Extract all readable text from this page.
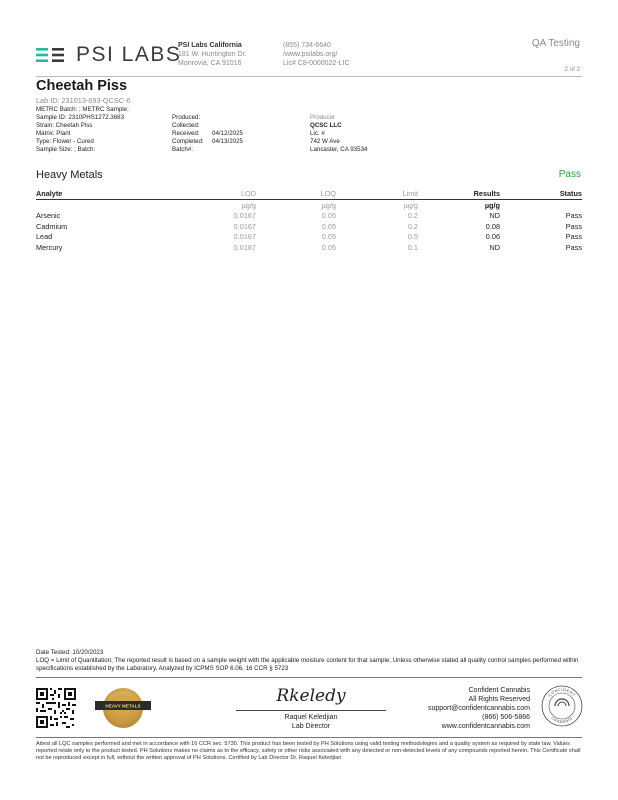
PSI LABS
PSI Labs California
181 W. Huntington Dr.
Monrovia, CA 91016
(855) 734-6640
/www.psilabs.org/
Lic# C8-0000022-LIC
QA Testing
2 of 2
Cheetah Piss
Lab ID: 231013-693-QCSC-6
METRC Batch: ; METRC Sample:
Sample ID: 2310PHS1272.3683
Strain: Cheetah Piss
Matrix: Plant
Type: Flower - Cured
Sample Size: ; Batch:
Produced:
Collected:
Received: 04/12/2025
Completed: 04/13/2025
Batch#:
Producer
QCSC LLC
Lic. #
742 W Ave
Lancaster, CA 93534
Heavy Metals	Pass
Analyte	LOD	LOQ	Limit	Results	Status
	µg/g	µg/g	µg/g	µg/g	
Arsenic	0.0167	0.05	0.2	ND	Pass
Cadmium	0.0167	0.05	0.2	0.08	Pass
Lead	0.0167	0.05	0.5	0.06	Pass
Mercury	0.0167	0.05	0.1	ND	Pass
Date Tested: 10/20/2023
LOQ = Limit of Quantitation; The reported result is based on a sample weight with the applicable moisture content for that sample; Unless otherwise stated all quality control samples performed within specifications established by the Laboratory. Analyzed by ICPMS SOP 6.06, 16 CCR § 5723
HEAVY METALS
Rkeledy
Raquel Keledjian
Lab Director
Confident Cannabis
All Rights Reserved
support@confidentcannabis.com
(866) 506-5866
www.confidentcannabis.com
CONFIDENT
CANNABIS
Attest all LQC samples performed and met in accordance with 16 CCR sec. 5730. This product has been tested by PH Solutions using valid testing methodologies and a quality system as required by state law. Values reported relate only to the product tested. PH Solutions makes no claims as to the efficacy, safety or other risks associated with any detected or non-detected levels of any compounds reported herein. This Certificate shall not be reproduced except in full, without the written approval of PH Solutions. Certified by Lab Director Dr. Raquel Keledjian
